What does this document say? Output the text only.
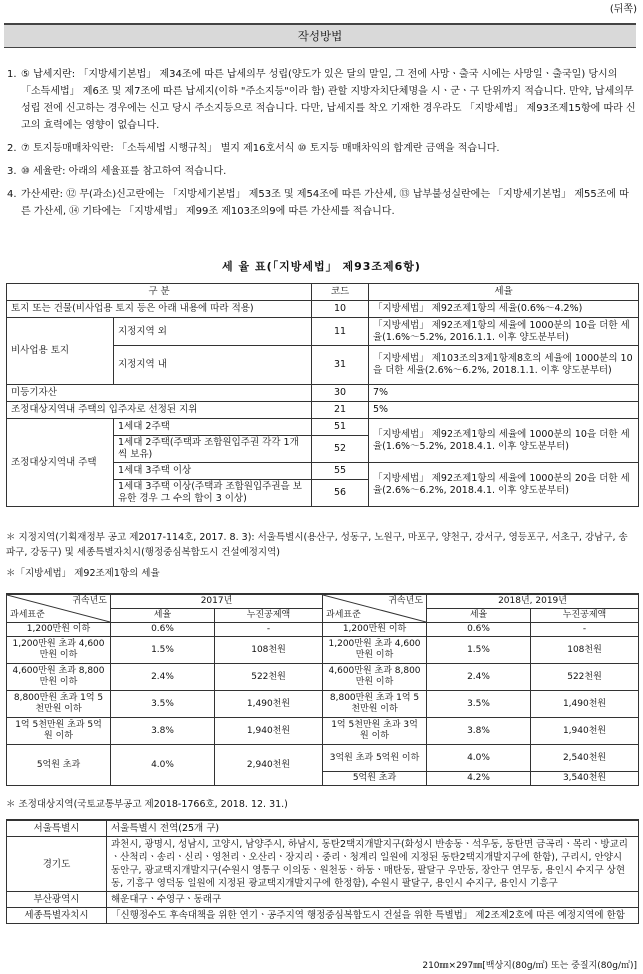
(뒤쪽)
작성방법
1. ⑤ 납세지란: 「지방세기본법」 제34조에 따른 납세의무 성립(양도가 있은 달의 말일, 그 전에 사망ㆍ출국 시에는 사망일ㆍ출국일) 당시의 「소득세법」 제6조 및 제7조에 따른 납세지(이하 "주소지등"이라 함) 관할 지방자치단체명을 시ㆍ군ㆍ구 단위까지 적습니다. 만약, 납세의무 성립 전에 신고하는 경우에는 신고 당시 주소지등으로 적습니다. 다만, 납세지를 착오 기재한 경우라도 「지방세법」 제93조제15항에 따라 신고의 효력에는 영향이 없습니다.
2. ⑦ 토지등매매차익란: 「소득세법 시행규칙」 별지 제16호서식 ⑩ 토지등 매매차익의 합계란 금액을 적습니다.
3. ⑩ 세율란: 아래의 세율표를 참고하여 적습니다.
4. 가산세란: ⑫ 무(과소)신고란에는 「지방세기본법」 제53조 및 제54조에 따른 가산세, ⑬ 납부불성실란에는 「지방세기본법」 제55조에 따른 가산세, ⑭ 기타에는 「지방세법」 제99조 제103조의9에 따른 가산세를 적습니다.
세 율 표(「지방세법」 제93조제6항)
구 분		코드	세율
토지 또는 건물(비사업용 토지 등은 아래 내용에 따라 적용)		10	「지방세법」 제92조제1항의 세율(0.6%～4.2%)
비사업용 토지	지정지역 외	11	「지방세법」 제92조제1항의 세율에 1000분의 10을 더한 세율(1.6%～5.2%, 2016.1.1. 이후 양도분부터)
	지정지역 내	31	「지방세법」 제103조의3제1항제8호의 세율에 1000분의 10을 더한 세율(2.6%～6.2%, 2018.1.1. 이후 양도분부터)
미등기자산		30	7%
조정대상지역내 주택의 입주자로 선정된 지위		21	5%
조정대상지역내 주택	1세대 2주택	51	「지방세법」 제92조제1항의 세율에 1000분의 10을 더한 세율(1.6%～5.2%, 2018.4.1. 이후 양도분부터)
	1세대 2주택(주택과 조합원입주권 각각 1개씩 보유)	52	
	1세대 3주택 이상	55	「지방세법」 제92조제1항의 세율에 1000분의 20을 더한 세율(2.6%～6.2%, 2018.4.1. 이후 양도분부터)
	1세대 3주택 이상(주택과 조합원입주권을 보유한 경우 그 수의 합이 3 이상)	56	
＊ 지정지역(기획재정부 공고 제2017-114호, 2017. 8. 3): 서울특별시(용산구, 성동구, 노원구, 마포구, 양천구, 강서구, 영등포구, 서초구, 강남구, 송파구, 강동구) 및 세종특별자치시(행정중심복합도시 건설예정지역)
＊「지방세법」 제92조제1항의 세율
귀속년도
과세표준	2017년		귀속년도
과세표준	2018년, 2019년	
	세율	누진공제액		세율	누진공제액
1,200만원 이하	0.6%	-	1,200만원 이하	0.6%	-
1,200만원 초과 4,600만원 이하	1.5%	108천원	1,200만원 초과 4,600만원 이하	1.5%	108천원
4,600만원 초과 8,800만원 이하	2.4%	522천원	4,600만원 초과 8,800만원 이하	2.4%	522천원
8,800만원 초과 1억 5천만원 이하	3.5%	1,490천원	8,800만원 초과 1억 5천만원 이하	3.5%	1,490천원
1억 5천만원 초과 5억원 이하	3.8%	1,940천원	1억 5천만원 초과 3억원 이하	3.8%	1,940천원
5억원 초과	4.0%	2,940천원	3억원 초과 5억원 이하	4.0%	2,540천원
			5억원 초과	4.2%	3,540천원
＊ 조정대상지역(국토교통부공고 제2018-1766호, 2018. 12. 31.)
서울특별시	서울특별시 전역(25개 구)
경기도	과천시, 광명시, 성남시, 고양시, 남양주시, 하남시, 동탄2택지개발지구(화성시 반송동ㆍ석우동, 동탄면 금곡리ㆍ목리ㆍ방교리ㆍ산척리ㆍ송리ㆍ신리ㆍ영천리ㆍ오산리ㆍ장지리ㆍ중리ㆍ청계리 일원에 지정된 동탄2택지개발지구에 한함), 구리시, 안양시 동안구, 광교택지개발지구(수원시 영통구 이의동ㆍ원천동ㆍ하동ㆍ매탄동, 팔달구 우만동, 장안구 연무동, 용인시 수지구 상현동, 기흥구 영덕동 일원에 지정된 광교택지개발지구에 한정함), 수원시 팔달구, 용인시 수지구, 용인시 기흥구
부산광역시	해운대구ㆍ수영구ㆍ동래구
세종특별자치시	「신행정수도 후속대책을 위한 연기ㆍ공주지역 행정중심복합도시 건설을 위한 특별법」 제2조제2호에 따른 예정지역에 한함
210㎜×297㎜[백상지(80g/㎡) 또는 중질지(80g/㎡)]
